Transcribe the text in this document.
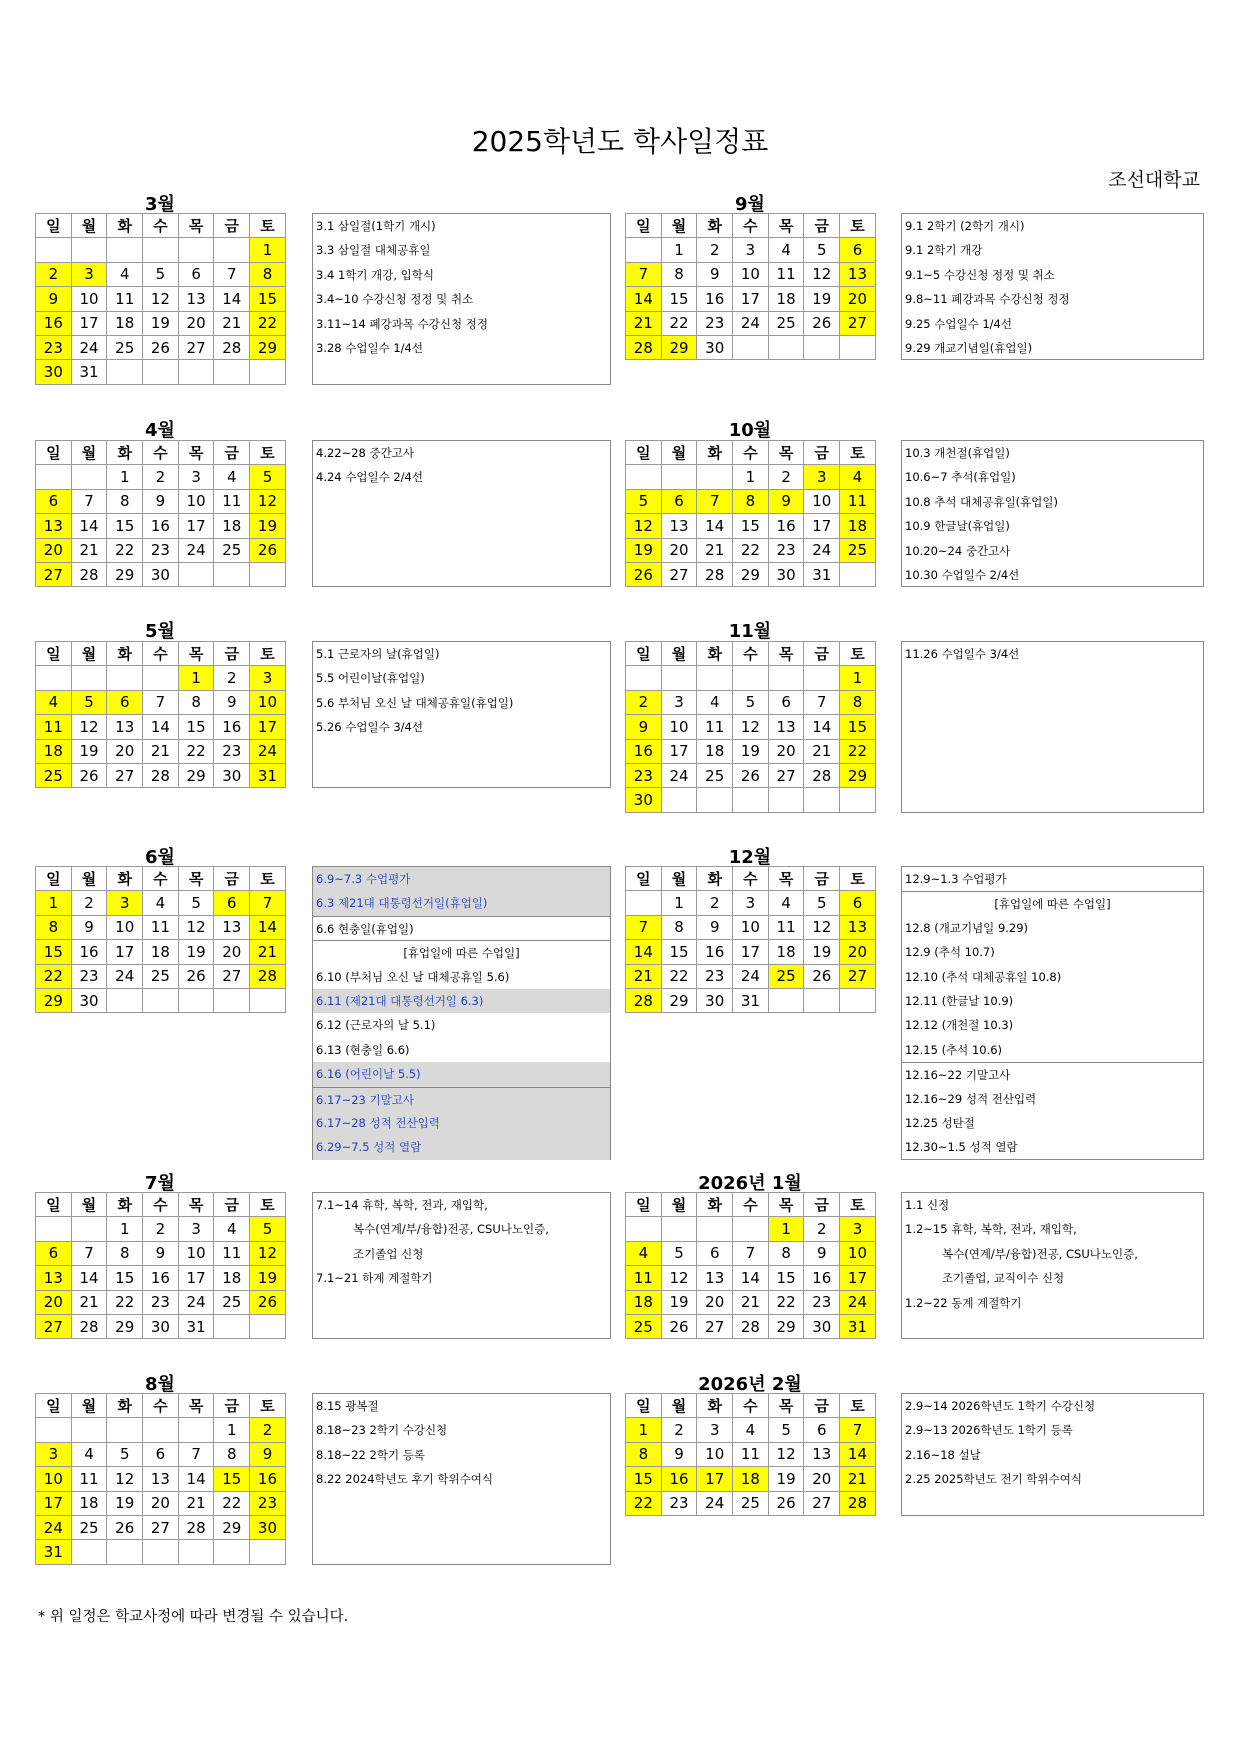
2025학년도 학사일정표
조선대학교
3월
일	월	화	수	목	금	토
						1
2	3	4	5	6	7	8
9	10	11	12	13	14	15
16	17	18	19	20	21	22
23	24	25	26	27	28	29
30	31					
3.1 삼일절(1학기 개시)
3.3 삼일절 대체공휴일
3.4 1학기 개강, 입학식
3.4~10 수강신청 정정 및 취소
3.11~14 폐강과목 수강신청 정정
3.28 수업일수 1/4선
9월
일	월	화	수	목	금	토
	1	2	3	4	5	6
7	8	9	10	11	12	13
14	15	16	17	18	19	20
21	22	23	24	25	26	27
28	29	30				
9.1 2학기 (2학기 개시)
9.1 2학기 개강
9.1~5 수강신청 정정 및 취소
9.8~11 폐강과목 수강신청 정정
9.25 수업일수 1/4선
9.29 개교기념일(휴업일)
4월
일	월	화	수	목	금	토
		1	2	3	4	5
6	7	8	9	10	11	12
13	14	15	16	17	18	19
20	21	22	23	24	25	26
27	28	29	30			
4.22~28 중간고사
4.24 수업일수 2/4선
10월
일	월	화	수	목	금	토
			1	2	3	4
5	6	7	8	9	10	11
12	13	14	15	16	17	18
19	20	21	22	23	24	25
26	27	28	29	30	31	
10.3 개천절(휴업일)
10.6~7 추석(휴업일)
10.8 추석 대체공휴일(휴업일)
10.9 한글날(휴업일)
10.20~24 중간고사
10.30 수업일수 2/4선
5월
일	월	화	수	목	금	토
				1	2	3
4	5	6	7	8	9	10
11	12	13	14	15	16	17
18	19	20	21	22	23	24
25	26	27	28	29	30	31
5.1 근로자의 날(휴업일)
5.5 어린이날(휴업일)
5.6 부처님 오신 날 대체공휴일(휴업일)
5.26 수업일수 3/4선
11월
일	월	화	수	목	금	토
						1
2	3	4	5	6	7	8
9	10	11	12	13	14	15
16	17	18	19	20	21	22
23	24	25	26	27	28	29
30						
11.26 수업일수 3/4선
6월
일	월	화	수	목	금	토
1	2	3	4	5	6	7
8	9	10	11	12	13	14
15	16	17	18	19	20	21
22	23	24	25	26	27	28
29	30					
6.9~7.3 수업평가
6.3 제21대 대통령선거일(휴업일)
6.6 현충일(휴업일)
[휴업일에 따른 수업일]
6.10 (부처님 오신 날 대체공휴일 5.6)
6.11 (제21대 대통령선거일 6.3)
6.12 (근로자의 날 5.1)
6.13 (현충일 6.6)
6.16 (어린이날 5.5)
6.17~23 기말고사
6.17~28 성적 전산입력
6.29~7.5 성적 열람
12월
일	월	화	수	목	금	토
	1	2	3	4	5	6
7	8	9	10	11	12	13
14	15	16	17	18	19	20
21	22	23	24	25	26	27
28	29	30	31			
12.9~1.3 수업평가
[휴업일에 따른 수업일]
12.8 (개교기념일 9.29)
12.9 (추석 10.7)
12.10 (추석 대체공휴일 10.8)
12.11 (한글날 10.9)
12.12 (개천절 10.3)
12.15 (추석 10.6)
12.16~22 기말고사
12.16~29 성적 전산입력
12.25 성탄절
12.30~1.5 성적 열람
7월
일	월	화	수	목	금	토
		1	2	3	4	5
6	7	8	9	10	11	12
13	14	15	16	17	18	19
20	21	22	23	24	25	26
27	28	29	30	31		
7.1~14 휴학, 복학, 전과, 재입학,
복수(연계/부/융합)전공, CSU나노인증,
조기졸업 신청
7.1~21 하계 계절학기
2026년 1월
일	월	화	수	목	금	토
				1	2	3
4	5	6	7	8	9	10
11	12	13	14	15	16	17
18	19	20	21	22	23	24
25	26	27	28	29	30	31
1.1 신정
1.2~15 휴학, 복학, 전과, 재입학,
복수(연계/부/융합)전공, CSU나노인증,
조기졸업, 교직이수 신청
1.2~22 동계 계절학기
8월
일	월	화	수	목	금	토
					1	2
3	4	5	6	7	8	9
10	11	12	13	14	15	16
17	18	19	20	21	22	23
24	25	26	27	28	29	30
31						
8.15 광복절
8.18~23 2학기 수강신청
8.18~22 2학기 등록
8.22 2024학년도 후기 학위수여식
2026년 2월
일	월	화	수	목	금	토
1	2	3	4	5	6	7
8	9	10	11	12	13	14
15	16	17	18	19	20	21
22	23	24	25	26	27	28
2.9~14 2026학년도 1학기 수강신청
2.9~13 2026학년도 1학기 등록
2.16~18 설날
2.25 2025학년도 전기 학위수여식
* 위 일정은 학교사정에 따라 변경될 수 있습니다.
